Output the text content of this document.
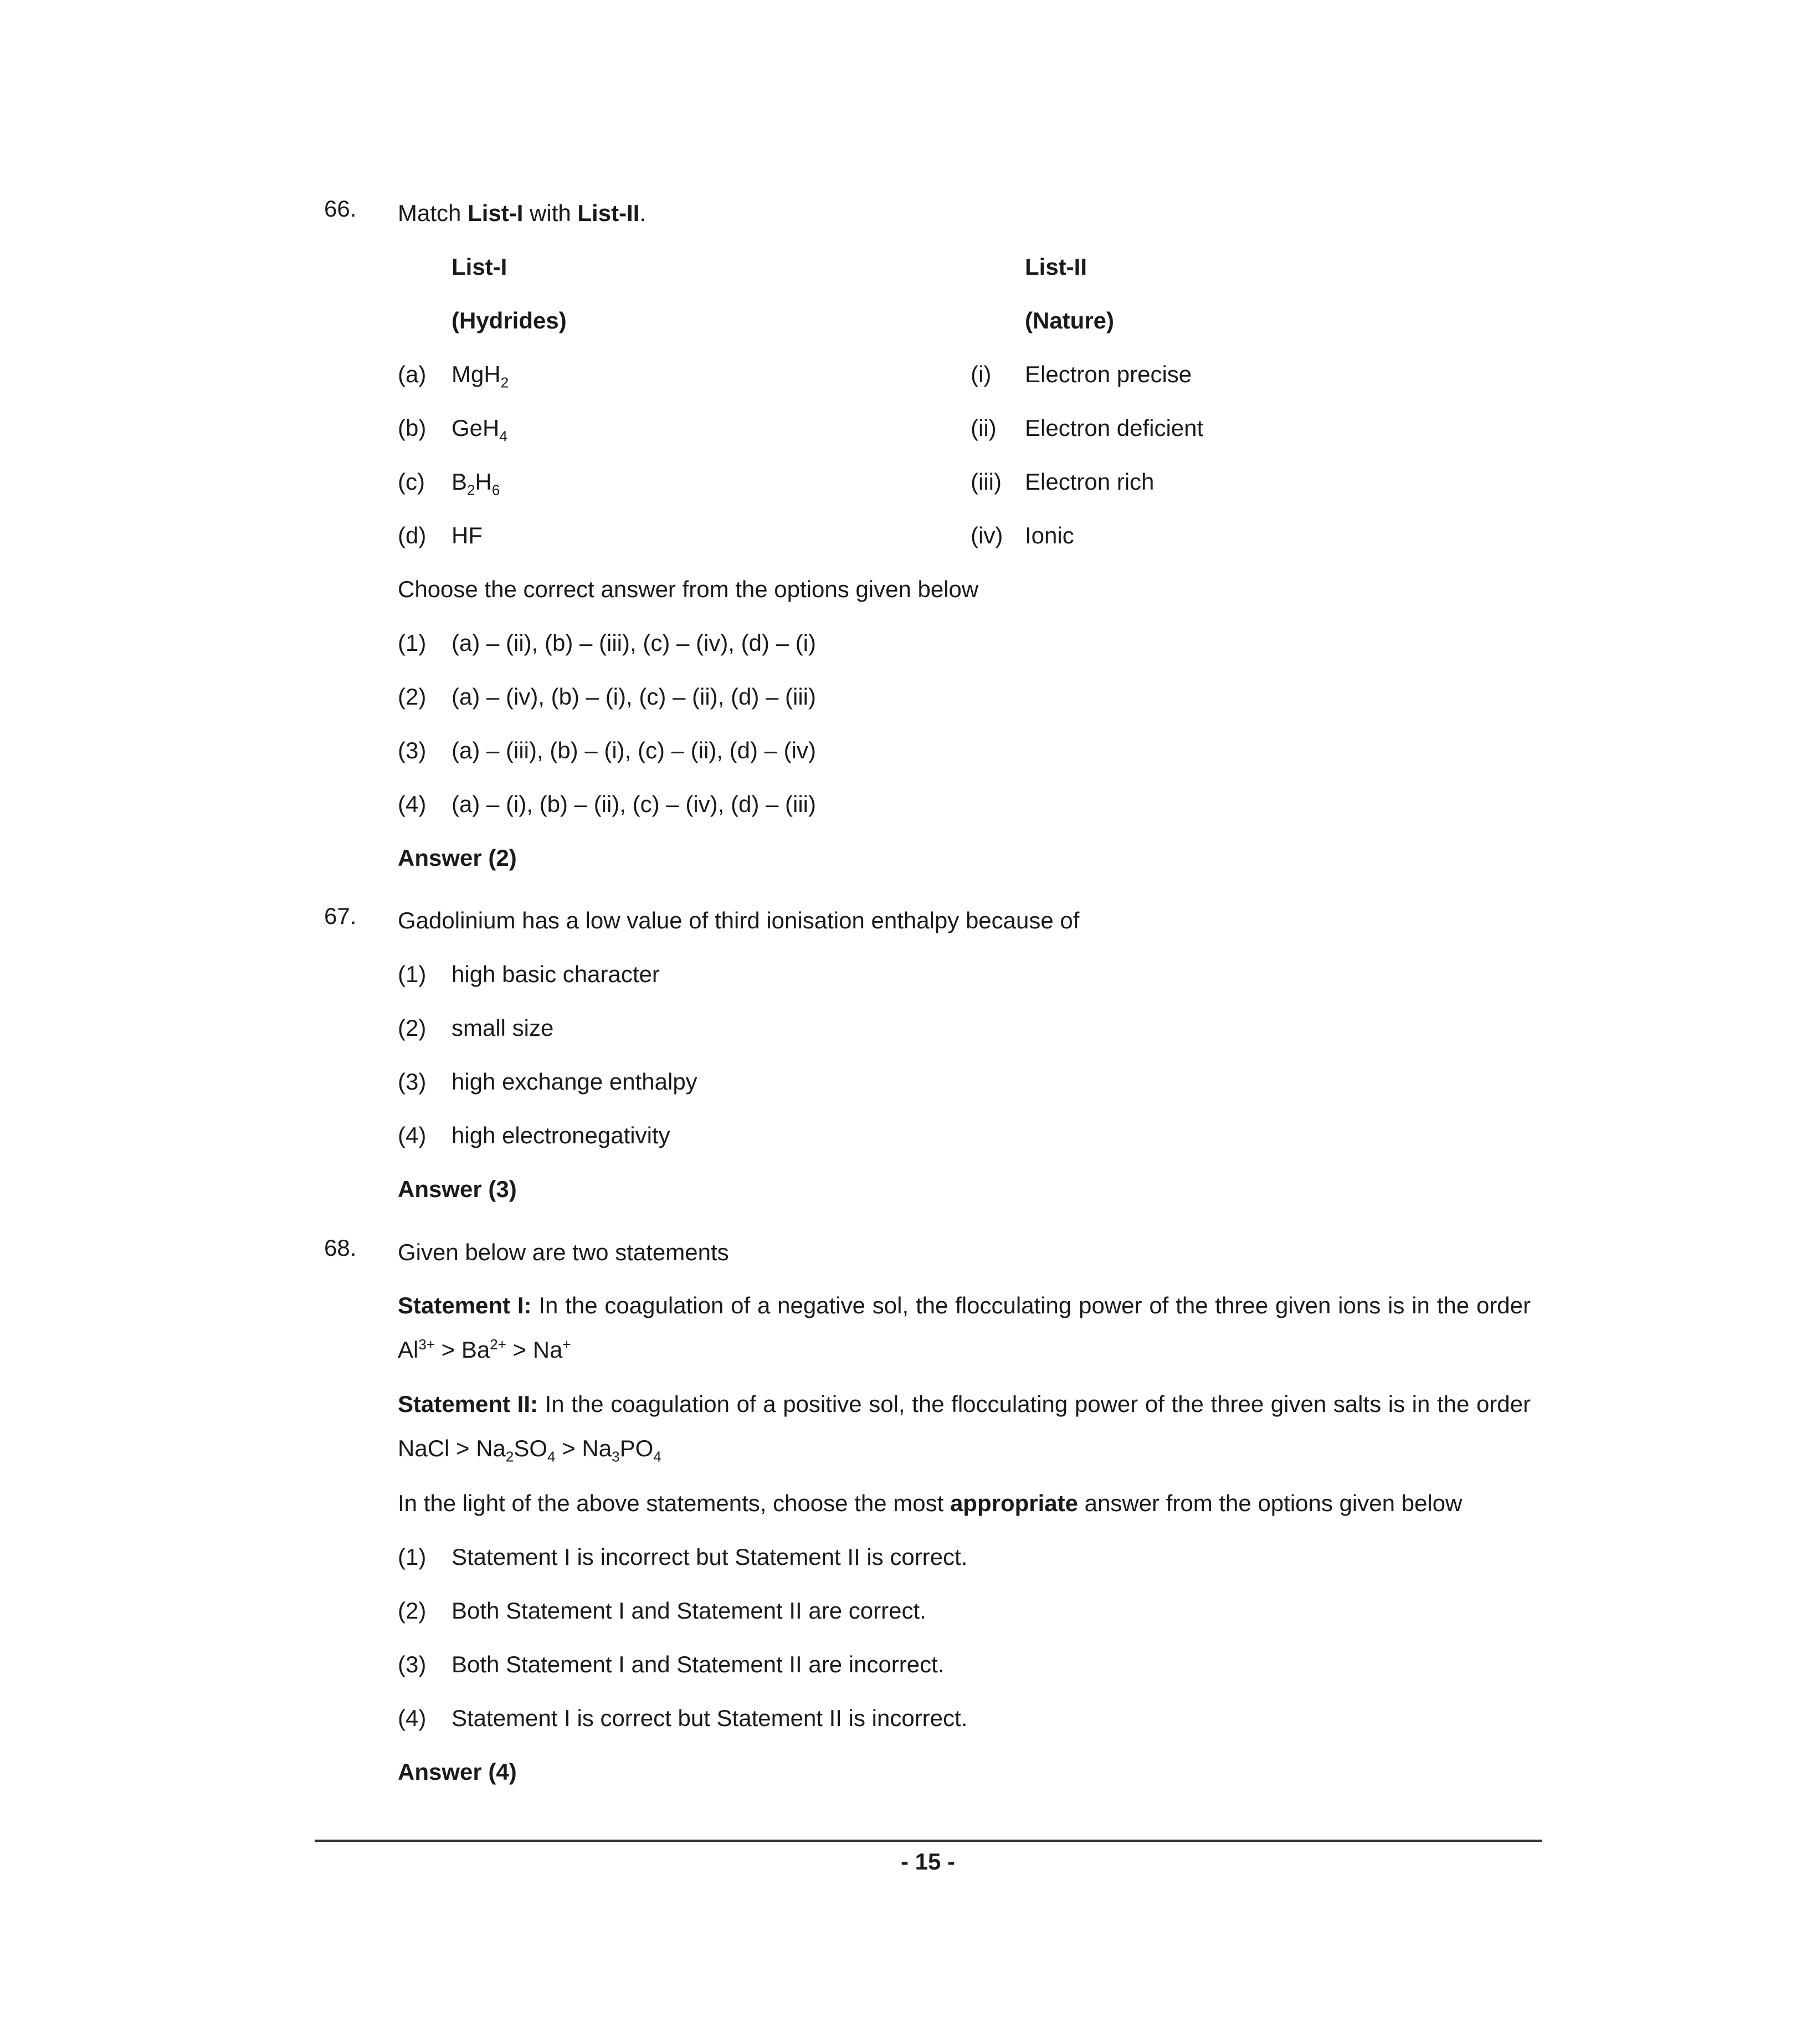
66. Match List-I with List-II.
List-I	List-II
(Hydrides)	(Nature)
(a) MgH$_2$	(i) Electron precise
(b) GeH$_4$	(ii) Electron deficient
(c) $B_2H_6$	(iii) Electron rich
(d) HF	(iv) Ionic
Choose the correct answer from the options given below
(1) (a) – (ii), (b) – (iii), (c) – (iv), (d) – (i)
(2) (a) – (iv), (b) – (i), (c) – (ii), (d) – (iii)
(3) (a) – (iii), (b) – (i), (c) – (ii), (d) – (iv)
(4) (a) – (i), (b) – (ii), (c) – (iv), (d) – (iii)
Answer (2)
67. Gadolinium has a low value of third ionisation enthalpy because of
(1) high basic character
(2) small size
(3) high exchange enthalpy
(4) high electronegativity
Answer (3)
68. Given below are two statements
Statement I: In the coagulation of a negative sol, the flocculating power of the three given ions is in the order $Al^{3+} > Ba^{2+} > Na^+$
Statement II: In the coagulation of a positive sol, the flocculating power of the three given salts is in the order NaCl > $Na_2SO_4 > Na_3PO_4$
In the light of the above statements, choose the most appropriate answer from the options given below
(1) Statement I is incorrect but Statement II is correct.
(2) Both Statement I and Statement II are correct.
(3) Both Statement I and Statement II are incorrect.
(4) Statement I is correct but Statement II is incorrect.
Answer (4)
- 15 -
